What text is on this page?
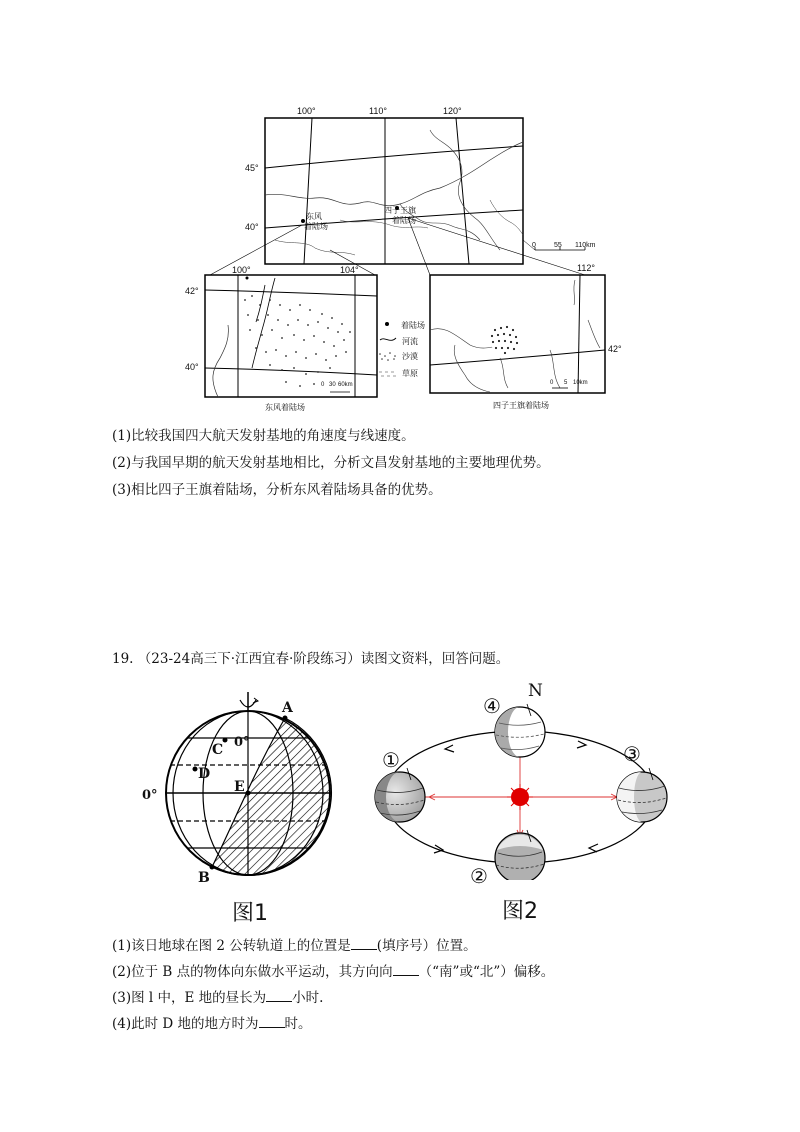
100°	110°	120°
45°
40°
东风
着陆场
四子王旗
着陆场
0	55 110km
100°	104°
42°
40°
0 30 60km
东风着陆场
着陆场
河流
沙漠
草原
112°
42°
0 5 10km
四子王旗着陆场
(1)比较我国四大航天发射基地的角速度与线速度。
(2)与我国早期的航天发射基地相比，分析文昌发射基地的主要地理优势。
(3)相比四子王旗着陆场，分析东风着陆场具备的优势。
19. （23-24高三下·江西宜春·阶段练习）读图文资料，回答问题。
A
C 0°
D
0°
E
B
图1
N
④
①	③
②
图2
(1)该日地球在图 2 公转轨道上的位置是 (填序号）位置。
(2)位于 B 点的物体向东做水平运动，其方向向 （“南”或“北”）偏移。
(3)图 l 中，E 地的昼长为 小时.
(4)此时 D 地的地方时为 时。
